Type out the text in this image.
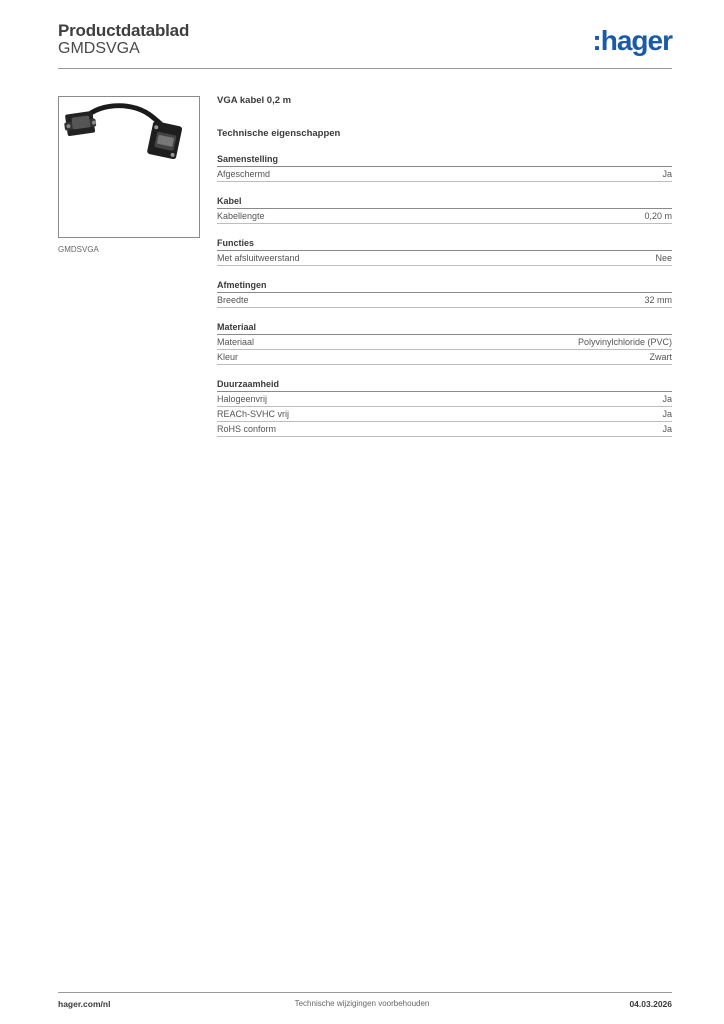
Productdatablad
GMDSVGA	:hager
GMDSVGA
VGA kabel 0,2 m
Technische eigenschappen
Samenstelling
Afgeschermd	Ja
Kabel
Kabellengte	0,20 m
Functies
Met afsluitweerstand	Nee
Afmetingen
Breedte	32 mm
Materiaal
Materiaal	Polyvinylchloride (PVC)
Kleur	Zwart
Duurzaamheid
Halogeenvrij	Ja
REACh-SVHC vrij	Ja
RoHS conform	Ja
hager.com/nl	Technische wijzigingen voorbehouden	04.03.2026
